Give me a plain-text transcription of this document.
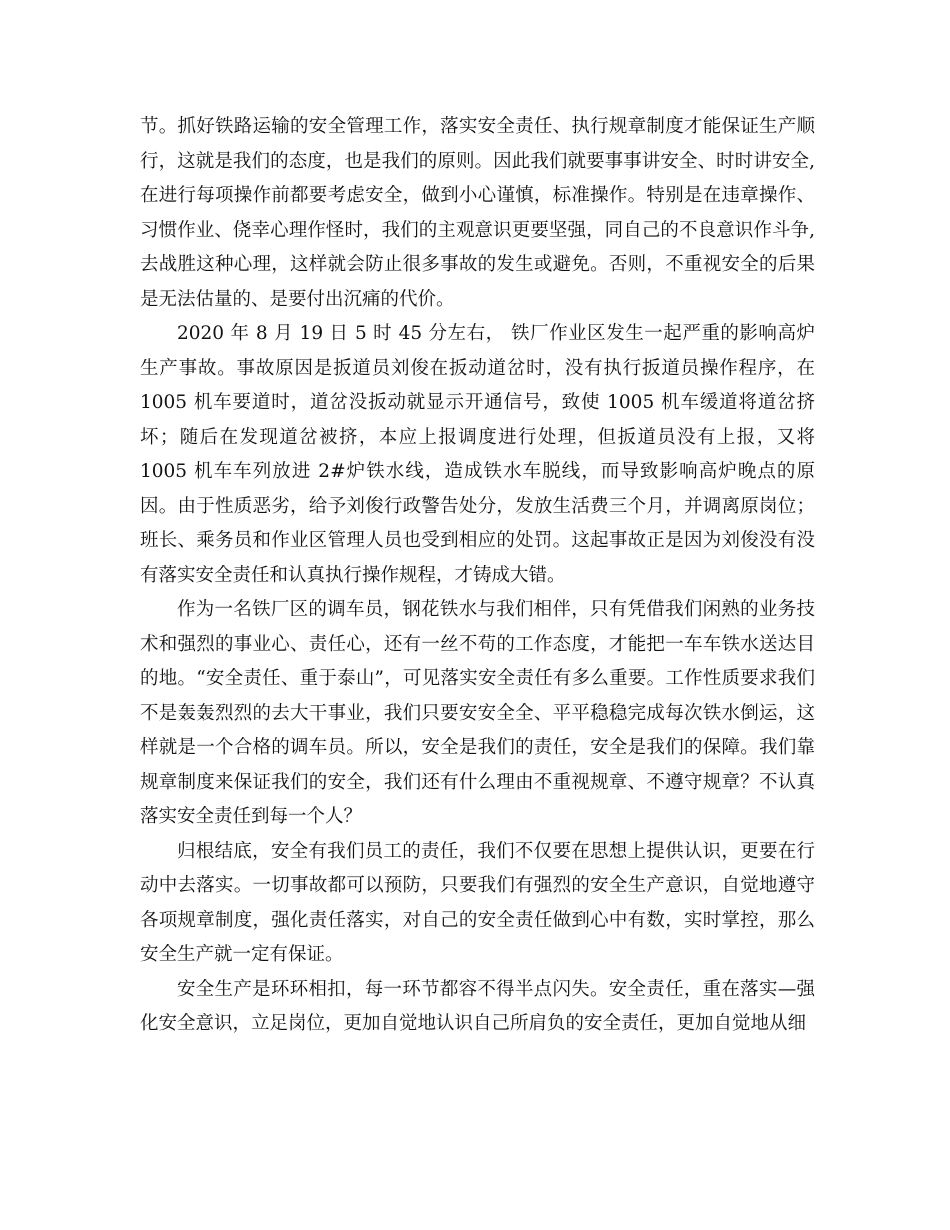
节。抓好铁路运输的安全管理工作，落实安全责任、执行规章制度才能保证生产顺行，这就是我们的态度，也是我们的原则。因此我们就要事事讲安全、时时讲安全,在进行每项操作前都要考虑安全，做到小心谨慎，标准操作。特别是在违章操作、习惯作业、侥幸心理作怪时，我们的主观意识更要坚强，同自己的不良意识作斗争,去战胜这种心理，这样就会防止很多事故的发生或避免。否则，不重视安全的后果是无法估量的、是要付出沉痛的代价。

2020 年 8 月 19 日 5 时 45 分左右， 铁厂作业区发生一起严重的影响高炉生产事故。事故原因是扳道员刘俊在扳动道岔时，没有执行扳道员操作程序，在 1005 机车要道时，道岔没扳动就显示开通信号，致使 1005 机车缓道将道岔挤坏；随后在发现道岔被挤，本应上报调度进行处理，但扳道员没有上报，又将 1005 机车车列放进 2#炉铁水线，造成铁水车脱线，而导致影响高炉晚点的原因。由于性质恶劣，给予刘俊行政警告处分，发放生活费三个月，并调离原岗位；班长、乘务员和作业区管理人员也受到相应的处罚。这起事故正是因为刘俊没有没有落实安全责任和认真执行操作规程，才铸成大错。

作为一名铁厂区的调车员，钢花铁水与我们相伴，只有凭借我们闲熟的业务技术和强烈的事业心、责任心，还有一丝不苟的工作态度，才能把一车车铁水送达目的地。“安全责任、重于泰山”，可见落实安全责任有多么重要。工作性质要求我们不是轰轰烈烈的去大干事业，我们只要安安全全、平平稳稳完成每次铁水倒运，这样就是一个合格的调车员。所以，安全是我们的责任，安全是我们的保障。我们靠规章制度来保证我们的安全，我们还有什么理由不重视规章、不遵守规章？不认真落实安全责任到每一个人？

归根结底，安全有我们员工的责任，我们不仅要在思想上提供认识，更要在行动中去落实。一切事故都可以预防，只要我们有强烈的安全生产意识，自觉地遵守各项规章制度，强化责任落实，对自己的安全责任做到心中有数，实时掌控，那么安全生产就一定有保证。

安全生产是环环相扣，每一环节都容不得半点闪失。安全责任，重在落实—强化安全意识，立足岗位，更加自觉地认识自己所肩负的安全责任，更加自觉地从细
